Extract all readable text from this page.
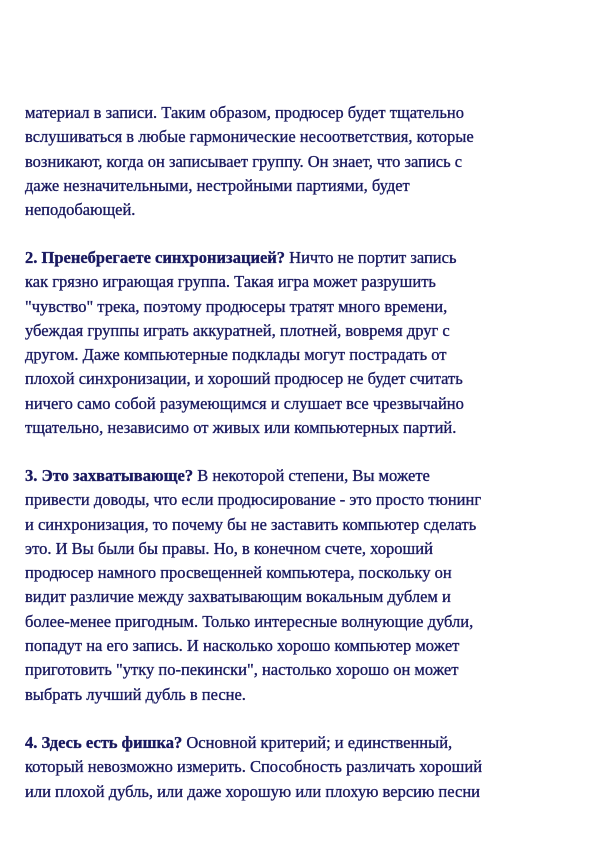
материал в записи. Таким образом, продюсер будет тщательно
вслушиваться в любые гармонические несоответствия, которые
возникают, когда он записывает группу. Он знает, что запись с
даже незначительными, нестройными партиями, будет
неподобающей.
2. Пренебрегаете синхронизацией? Ничто не портит запись
как грязно играющая группа. Такая игра может разрушить
"чувство" трека, поэтому продюсеры тратят много времени,
убеждая группы играть аккуратней, плотней, вовремя друг с
другом. Даже компьютерные подклады могут пострадать от
плохой синхронизации, и хороший продюсер не будет считать
ничего само собой разумеющимся и слушает все чрезвычайно
тщательно, независимо от живых или компьютерных партий.
3. Это захватывающе? В некоторой степени, Вы можете
привести доводы, что если продюсирование - это просто тюнинг
и синхронизация, то почему бы не заставить компьютер сделать
это. И Вы были бы правы. Но, в конечном счете, хороший
продюсер намного просвещенней компьютера, поскольку он
видит различие между захватывающим вокальным дублем и
более-менее пригодным. Только интересные волнующие дубли,
попадут на его запись. И насколько хорошо компьютер может
приготовить "утку по-пекински", настолько хорошо он может
выбрать лучший дубль в песне.
4. Здесь есть фишка? Основной критерий; и единственный,
который невозможно измерить. Способность различать хороший
или плохой дубль, или даже хорошую или плохую версию песни
